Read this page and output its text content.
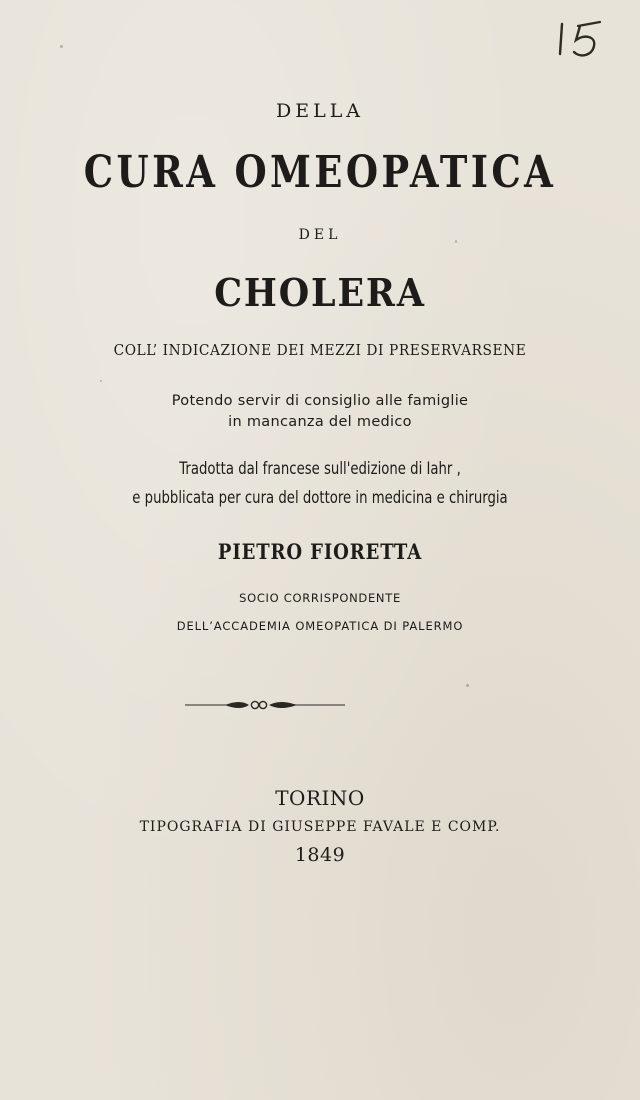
DELLA
CURA OMEOPATICA
DEL
CHOLERA
COLL’ INDICAZIONE DEI MEZZI DI PRESERVARSENE
Potendo servir di consiglio alle famiglie
in mancanza del medico
Tradotta dal francese sull'edizione di Iahr ,
e pubblicata per cura del dottore in medicina e chirurgia
PIETRO FIORETTA
SOCIO CORRISPONDENTE
DELL’ACCADEMIA OMEOPATICA DI PALERMO
TORINO
TIPOGRAFIA DI GIUSEPPE FAVALE E COMP.
1849
